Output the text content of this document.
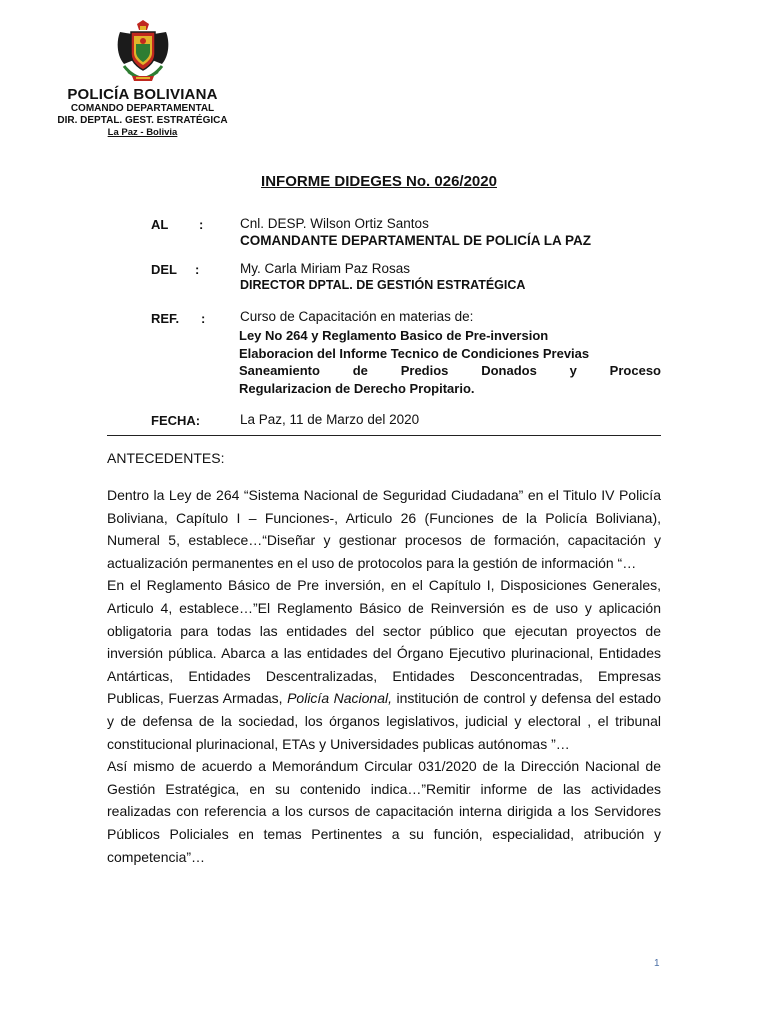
POLICÍA BOLIVIANA
COMANDO DEPARTAMENTAL
DIR. DEPTAL. GEST. ESTRATÉGICA
La Paz - Bolivia
INFORME DIDEGES No. 026/2020
AL :	Cnl. DESP. Wilson Ortiz Santos
COMANDANTE DEPARTAMENTAL DE POLICÍA LA PAZ
DEL :	My. Carla Miriam Paz Rosas
DIRECTOR DPTAL. DE GESTIÓN ESTRATÉGICA
REF. :	Curso de Capacitación en materias de:
Ley No 264 y Reglamento Basico de Pre-inversion
Elaboracion del Informe Tecnico de Condiciones Previas
Saneamiento de Predios Donados y Proceso
Regularizacion de Derecho Propitario.
FECHA:	La Paz, 11 de Marzo del 2020
ANTECEDENTES:

Dentro la Ley de 264 “Sistema Nacional de Seguridad Ciudadana” en el Titulo IV Policía Boliviana, Capítulo I – Funciones-, Articulo 26 (Funciones de la Policía Boliviana), Numeral 5, establece…“Diseñar y gestionar procesos de formación, capacitación y actualización permanentes en el uso de protocolos para la gestión de información “…

En el Reglamento Básico de Pre inversión, en el Capítulo I, Disposiciones Generales, Articulo 4, establece…”El Reglamento Básico de Reinversión es de uso y aplicación obligatoria para todas las entidades del sector público que ejecutan proyectos de inversión pública. Abarca a las entidades del Órgano Ejecutivo plurinacional, Entidades Antárticas, Entidades Descentralizadas, Entidades Desconcentradas, Empresas Publicas, Fuerzas Armadas, Policía Nacional, institución de control y defensa del estado y de defensa de la sociedad, los órganos legislativos, judicial y electoral , el tribunal constitucional plurinacional, ETAs y Universidades publicas autónomas ”…

Así mismo de acuerdo a Memorándum Circular 031/2020 de la Dirección Nacional de Gestión Estratégica, en su contenido indica…”Remitir informe de las actividades realizadas con referencia a los cursos de capacitación interna dirigida a los Servidores Públicos Policiales en temas Pertinentes a su función, especialidad, atribución y competencia”…

1
